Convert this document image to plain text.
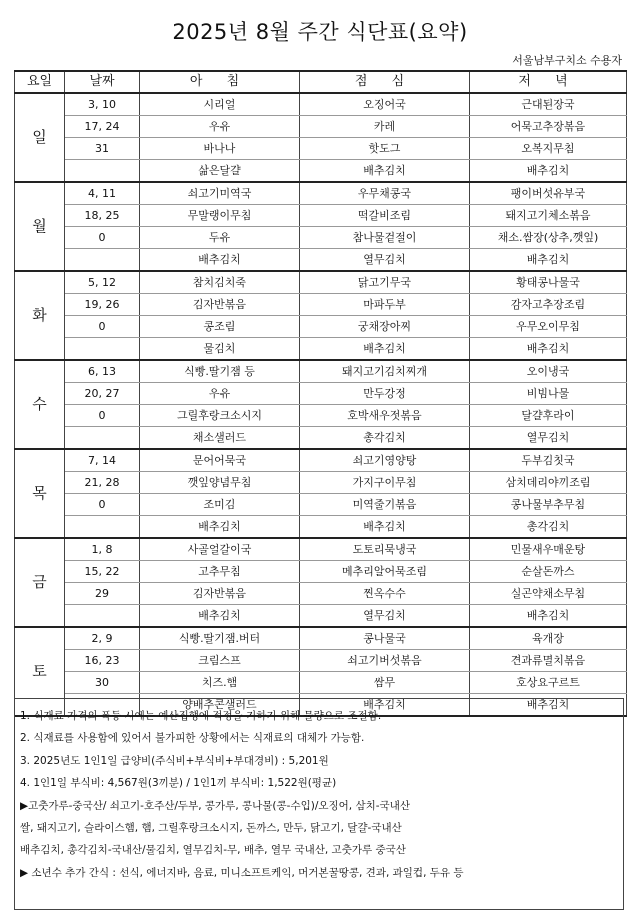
2025년 8월 주간 식단표(요약)
서울남부구치소 수용자
요일	날짜	아 침	점 심	저 녁
일	3, 10	시리얼	오징어국	근대된장국
	17, 24	우유	카레	어묵고추장볶음
	31	바나나	핫도그	오복지무침
		삶은달걀	배추김치	배추김치
월	4, 11	쇠고기미역국	우무채콩국	팽이버섯유부국
	18, 25	무말랭이무침	떡갈비조림	돼지고기체소볶음
	0	두유	참나물겉절이	채소.쌈장(상추,깻잎)
		배추김치	열무김치	배추김치
화	5, 12	참치김치죽	닭고기무국	황태콩나물국
	19, 26	김자반볶음	마파두부	감자고추장조림
	0	콩조림	궁채장아찌	우무오이무침
		물김치	배추김치	배추김치
수	6, 13	식빵.딸기잼 등	돼지고기김치찌개	오이냉국
	20, 27	우유	만두강정	비빔나물
	0	그릴후랑크소시지	호박새우젓볶음	달걀후라이
		채소샐러드	총각김치	열무김치
목	7, 14	문어어묵국	쇠고기영양탕	두부김칫국
	21, 28	깻잎양념무침	가지구이무침	삼치데리야끼조림
	0	조미김	미역줄기볶음	콩나물부추무침
		배추김치	배추김치	총각김치
금	1, 8	사골얼갈이국	도토리묵냉국	민물새우매운탕
	15, 22	고추무침	메추리알어묵조림	순살돈까스
	29	김자반볶음	찐옥수수	실곤약채소무침
		배추김치	열무김치	배추김치
토	2, 9	식빵.딸기잼.버터	콩나물국	육개장
	16, 23	크림스프	쇠고기버섯볶음	견과류멸치볶음
	30	치즈.햄	쌈무	호상요구르트
		양배추콘샐러드	배추김치	배추김치
1. 식재료 가격의 폭등 시에는 예산집행에 적정을 기하기 위해 물량으로 조절함.
2. 식재료를 사용함에 있어서 불가피한 상황에서는 식재료의 대체가 가능함.
3. 2025년도 1인1일 급양비(주식비+부식비+부대경비) : 5,201원
4. 1인1일 부식비: 4,567원(3끼분) / 1인1끼 부식비: 1,522원(평균)
▶고춧가루-중국산/ 쇠고기-호주산/두부, 콩가루, 콩나물(콩-수입)/오징어, 삼치-국내산
쌀, 돼지고기, 슬라이스햄, 햄, 그릴후랑크소시지, 돈까스, 만두, 닭고기, 달걀-국내산
배추김치, 총각김치-국내산/물김치, 열무김치-무, 배추, 열무 국내산, 고춧가루 중국산
▶ 소년수 추가 간식 : 선식, 에너지바, 음료, 미니소프트케익, 머거본꿀땅콩, 견과, 과일컵, 두유 등
